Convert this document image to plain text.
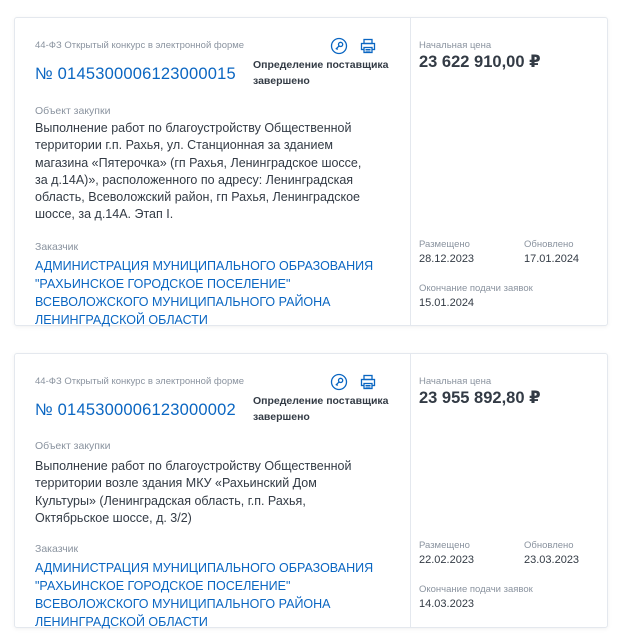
44-ФЗ Открытый конкурс в электронной форме
№ 0145300006123000015 Определение поставщика завершено
Объект закупки
Выполнение работ по благоустройству Общественной территории г.п. Рахья, ул. Станционная за зданием магазина «Пятерочка» (гп Рахья, Ленинградское шоссе, за д.14А)», расположенного по адресу: Ленинградская область, Всеволожский район, гп Рахья, Ленинградское шоссе, за д.14А. Этап I.
Заказчик
АДМИНИСТРАЦИЯ МУНИЦИПАЛЬНОГО ОБРАЗОВАНИЯ "РАХЬИНСКОЕ ГОРОДСКОЕ ПОСЕЛЕНИЕ" ВСЕВОЛОЖСКОГО МУНИЦИПАЛЬНОГО РАЙОНА ЛЕНИНГРАДСКОЙ ОБЛАСТИ
Начальная цена
23 622 910,00 ₽
Размещено
28.12.2023
Обновлено
17.01.2024
Окончание подачи заявок
15.01.2024
44-ФЗ Открытый конкурс в электронной форме
№ 0145300006123000002 Определение поставщика завершено
Объект закупки
Выполнение работ по благоустройству Общественной территории возле здания МКУ «Рахьинский Дом Культуры» (Ленинградская область, г.п. Рахья, Октябрьское шоссе, д. 3/2)
Заказчик
АДМИНИСТРАЦИЯ МУНИЦИПАЛЬНОГО ОБРАЗОВАНИЯ "РАХЬИНСКОЕ ГОРОДСКОЕ ПОСЕЛЕНИЕ" ВСЕВОЛОЖСКОГО МУНИЦИПАЛЬНОГО РАЙОНА ЛЕНИНГРАДСКОЙ ОБЛАСТИ
Начальная цена
23 955 892,80 ₽
Размещено
22.02.2023
Обновлено
23.03.2023
Окончание подачи заявок
14.03.2023
